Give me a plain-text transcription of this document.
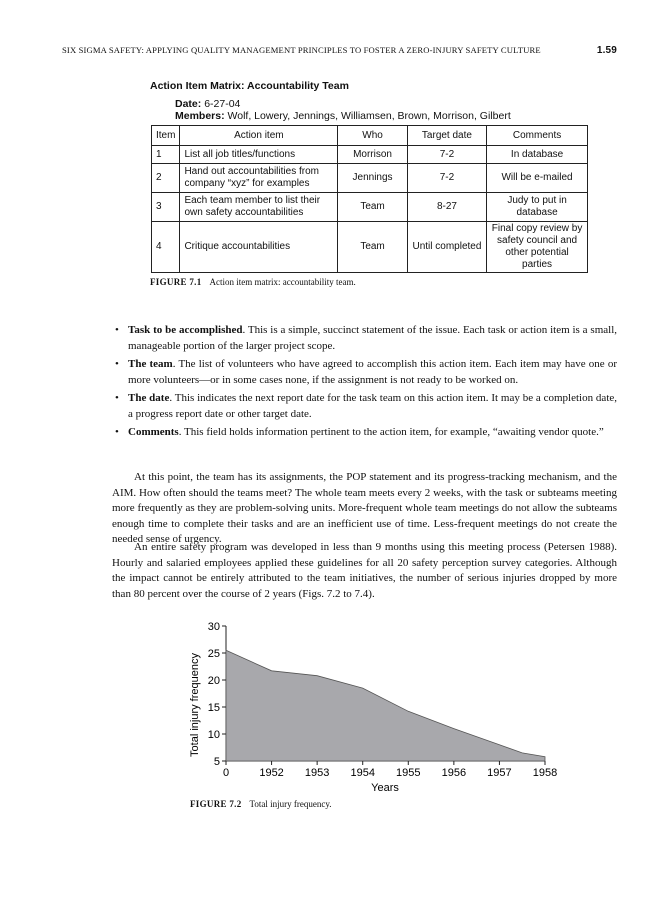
SIX SIGMA SAFETY: APPLYING QUALITY MANAGEMENT PRINCIPLES TO FOSTER A ZERO-INJURY SAFETY CULTURE	1.59
Action Item Matrix: Accountability Team
Date: 6-27-04
Members: Wolf, Lowery, Jennings, Williamsen, Brown, Morrison, Gilbert
Item	Action item	Who	Target date	Comments
1	List all job titles/functions	Morrison	7-2	In database
2	Hand out accountabilities from company “xyz” for examples	Jennings	7-2	Will be e-mailed
3	Each team member to list their own safety accountabilities	Team	8-27	Judy to put in database
4	Critique accountabilities	Team	Until completed	Final copy review by safety council and other potential parties
FIGURE 7.1 Action item matrix: accountability team.
• Task to be accomplished. This is a simple, succinct statement of the issue. Each task or action item is a small, manageable portion of the larger project scope.
• The team. The list of volunteers who have agreed to accomplish this action item. Each item may have one or more volunteers—or in some cases none, if the assignment is not ready to be worked on.
• The date. This indicates the next report date for the task team on this action item. It may be a completion date, a progress report date or other target date.
• Comments. This field holds information pertinent to the action item, for example, “awaiting vendor quote.”

At this point, the team has its assignments, the POP statement and its progress-tracking mechanism, and the AIM. How often should the teams meet? The whole team meets every 2 weeks, with the task or subteams meeting more frequently as they are problem-solving units. More-frequent whole team meetings do not allow the subteams enough time to complete their tasks and are an inefficient use of time. Less-frequent meetings do not create the needed sense of urgency.

An entire safety program was developed in less than 9 months using this meeting process (Petersen 1988). Hourly and salaried employees applied these guidelines for all 20 safety perception survey categories. Although the impact cannot be entirely attributed to the team initiatives, the number of serious injuries dropped by more than 80 percent over the course of 2 years (Figs. 7.2 to 7.4).

Total injury frequency
Years
5
10
15
20
25
30
0	1952 1953 1954 1955 1956 1957 1958
FIGURE 7.2 Total injury frequency.
